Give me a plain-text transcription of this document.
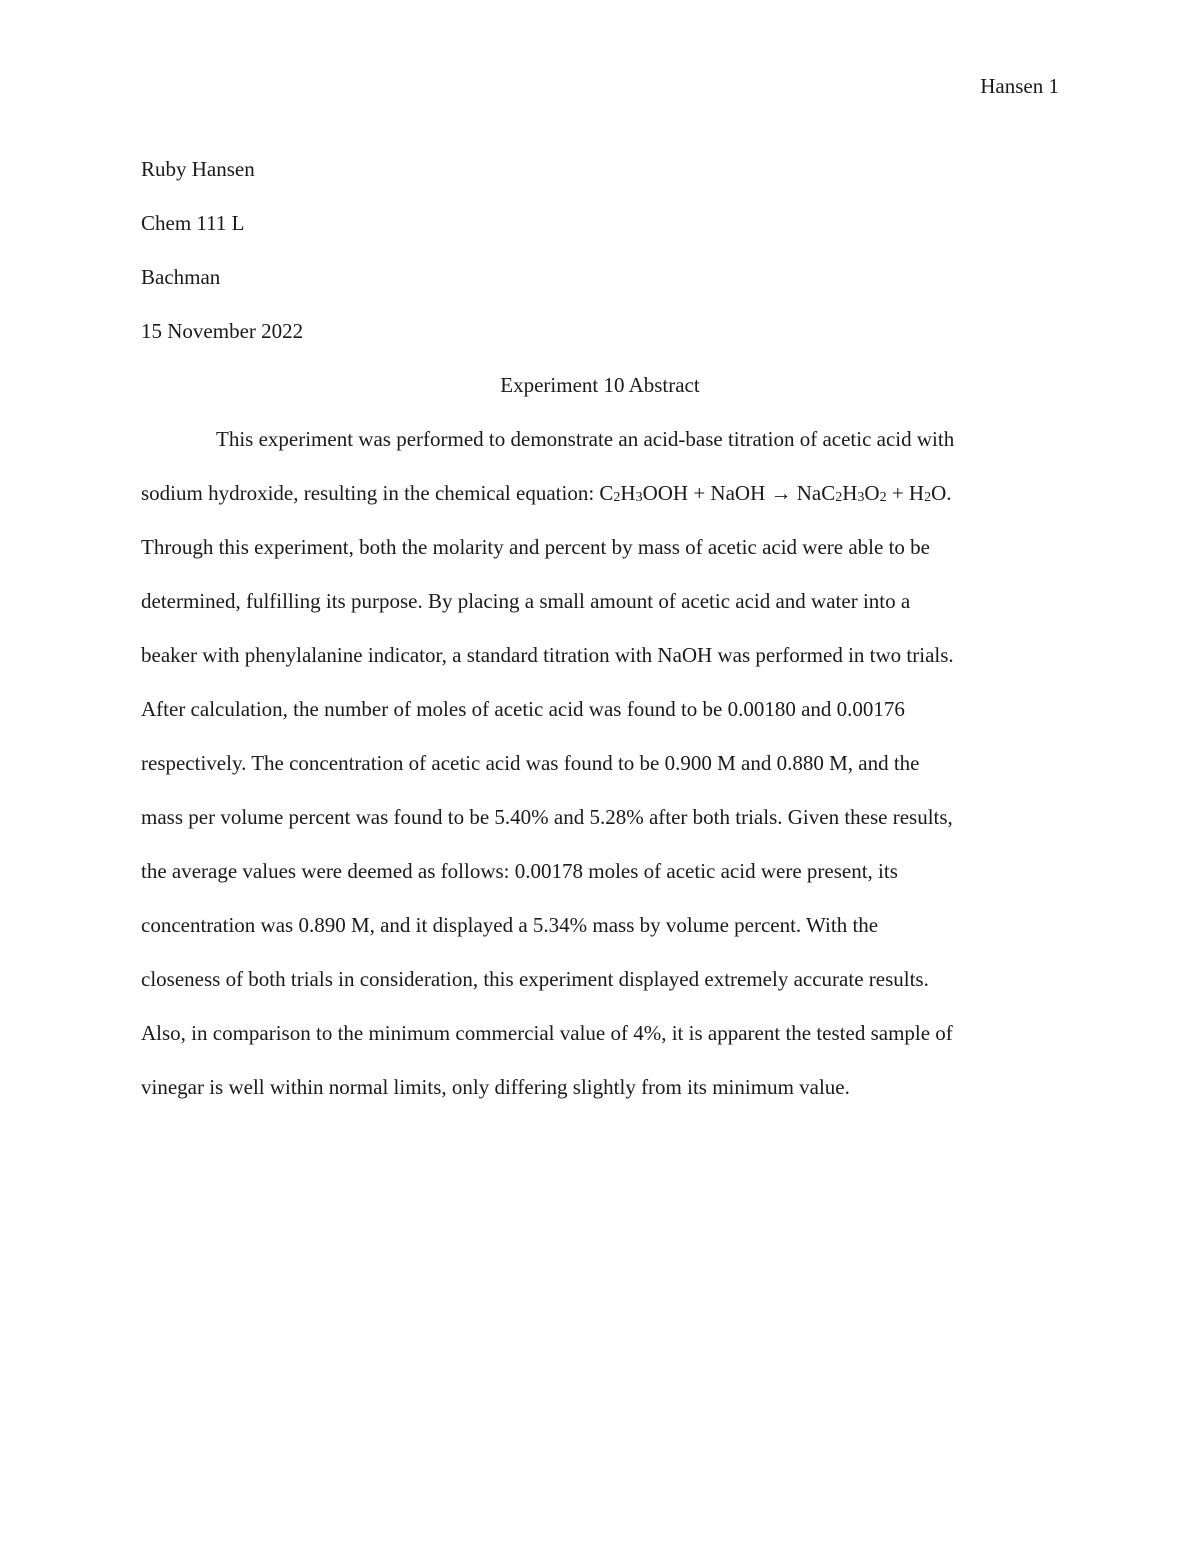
Hansen 1
Ruby Hansen
Chem 111 L
Bachman
15 November 2022
Experiment 10 Abstract

This experiment was performed to demonstrate an acid-base titration of acetic acid with
sodium hydroxide, resulting in the chemical equation: $C_2H_3OOH$ + NaOH → $NaC_2H_3O_2 + H_2O$.
Through this experiment, both the molarity and percent by mass of acetic acid were able to be
determined, fulfilling its purpose. By placing a small amount of acetic acid and water into a
beaker with phenylalanine indicator, a standard titration with NaOH was performed in two trials.
After calculation, the number of moles of acetic acid was found to be 0.00180 and 0.00176
respectively. The concentration of acetic acid was found to be 0.900 M and 0.880 M, and the
mass per volume percent was found to be 5.40% and 5.28% after both trials. Given these results,
the average values were deemed as follows: 0.00178 moles of acetic acid were present, its
concentration was 0.890 M, and it displayed a 5.34% mass by volume percent. With the
closeness of both trials in consideration, this experiment displayed extremely accurate results.
Also, in comparison to the minimum commercial value of 4%, it is apparent the tested sample of
vinegar is well within normal limits, only differing slightly from its minimum value.
